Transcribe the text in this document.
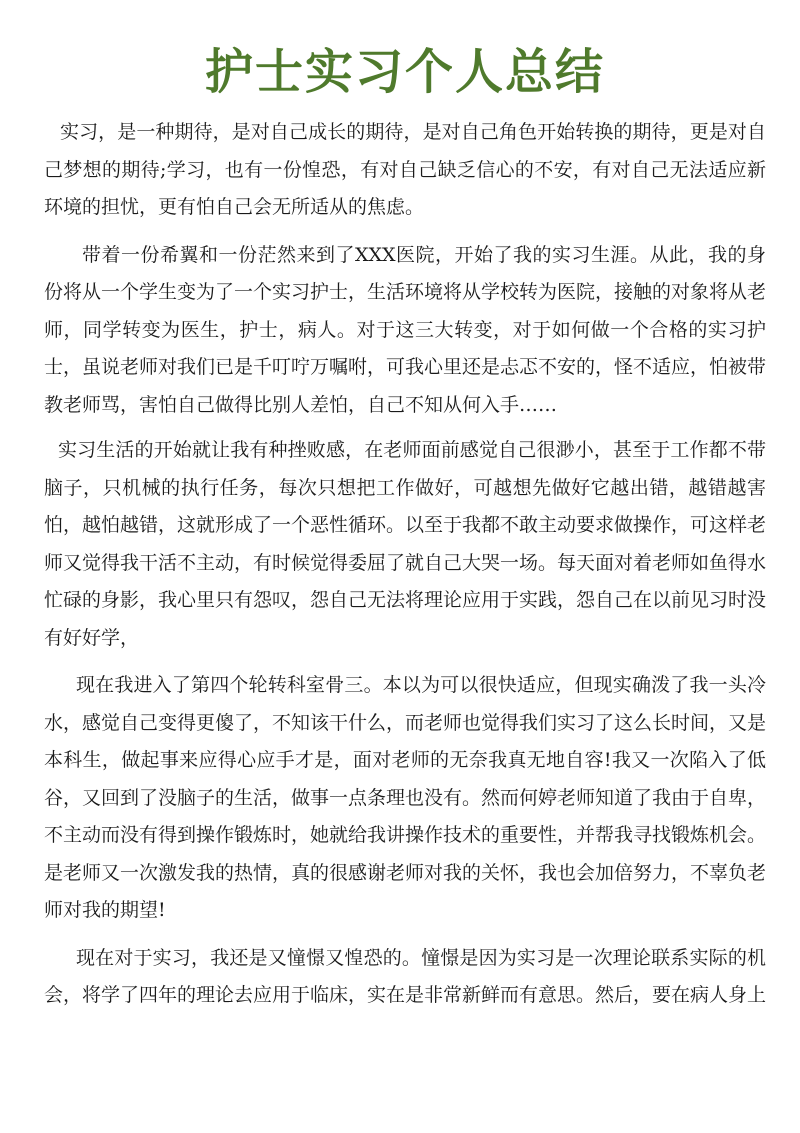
护士实习个人总结

实习，是一种期待，是对自己成长的期待，是对自己角色开始转换的期待，更是对自己梦想的期待;学习，也有一份惶恐，有对自己缺乏信心的不安，有对自己无法适应新环境的担忧，更有怕自己会无所适从的焦虑。

带着一份希翼和一份茫然来到了XXX医院，开始了我的实习生涯。从此，我的身份将从一个学生变为了一个实习护士，生活环境将从学校转为医院，接触的对象将从老师，同学转变为医生，护士，病人。对于这三大转变，对于如何做一个合格的实习护士，虽说老师对我们已是千叮咛万嘱咐，可我心里还是忐忑不安的，怪不适应，怕被带教老师骂，害怕自己做得比别人差怕，自己不知从何入手……

实习生活的开始就让我有种挫败感，在老师面前感觉自己很渺小，甚至于工作都不带脑子，只机械的执行任务，每次只想把工作做好，可越想先做好它越出错，越错越害怕，越怕越错，这就形成了一个恶性循环。以至于我都不敢主动要求做操作，可这样老师又觉得我干活不主动，有时候觉得委屈了就自己大哭一场。每天面对着老师如鱼得水忙碌的身影，我心里只有怨叹，怨自己无法将理论应用于实践，怨自己在以前见习时没有好好学，

现在我进入了第四个轮转科室骨三。本以为可以很快适应，但现实确泼了我一头冷水，感觉自己变得更傻了，不知该干什么，而老师也觉得我们实习了这么长时间，又是本科生，做起事来应得心应手才是，面对老师的无奈我真无地自容!我又一次陷入了低谷，又回到了没脑子的生活，做事一点条理也没有。然而何婷老师知道了我由于自卑，不主动而没有得到操作锻炼时，她就给我讲操作技术的重要性，并帮我寻找锻炼机会。是老师又一次激发我的热情，真的很感谢老师对我的关怀，我也会加倍努力，不辜负老师对我的期望!

现在对于实习，我还是又憧憬又惶恐的。憧憬是因为实习是一次理论联系实际的机会，将学了四年的理论去应用于临床，实在是非常新鲜而有意思。然后，要在病人身上
